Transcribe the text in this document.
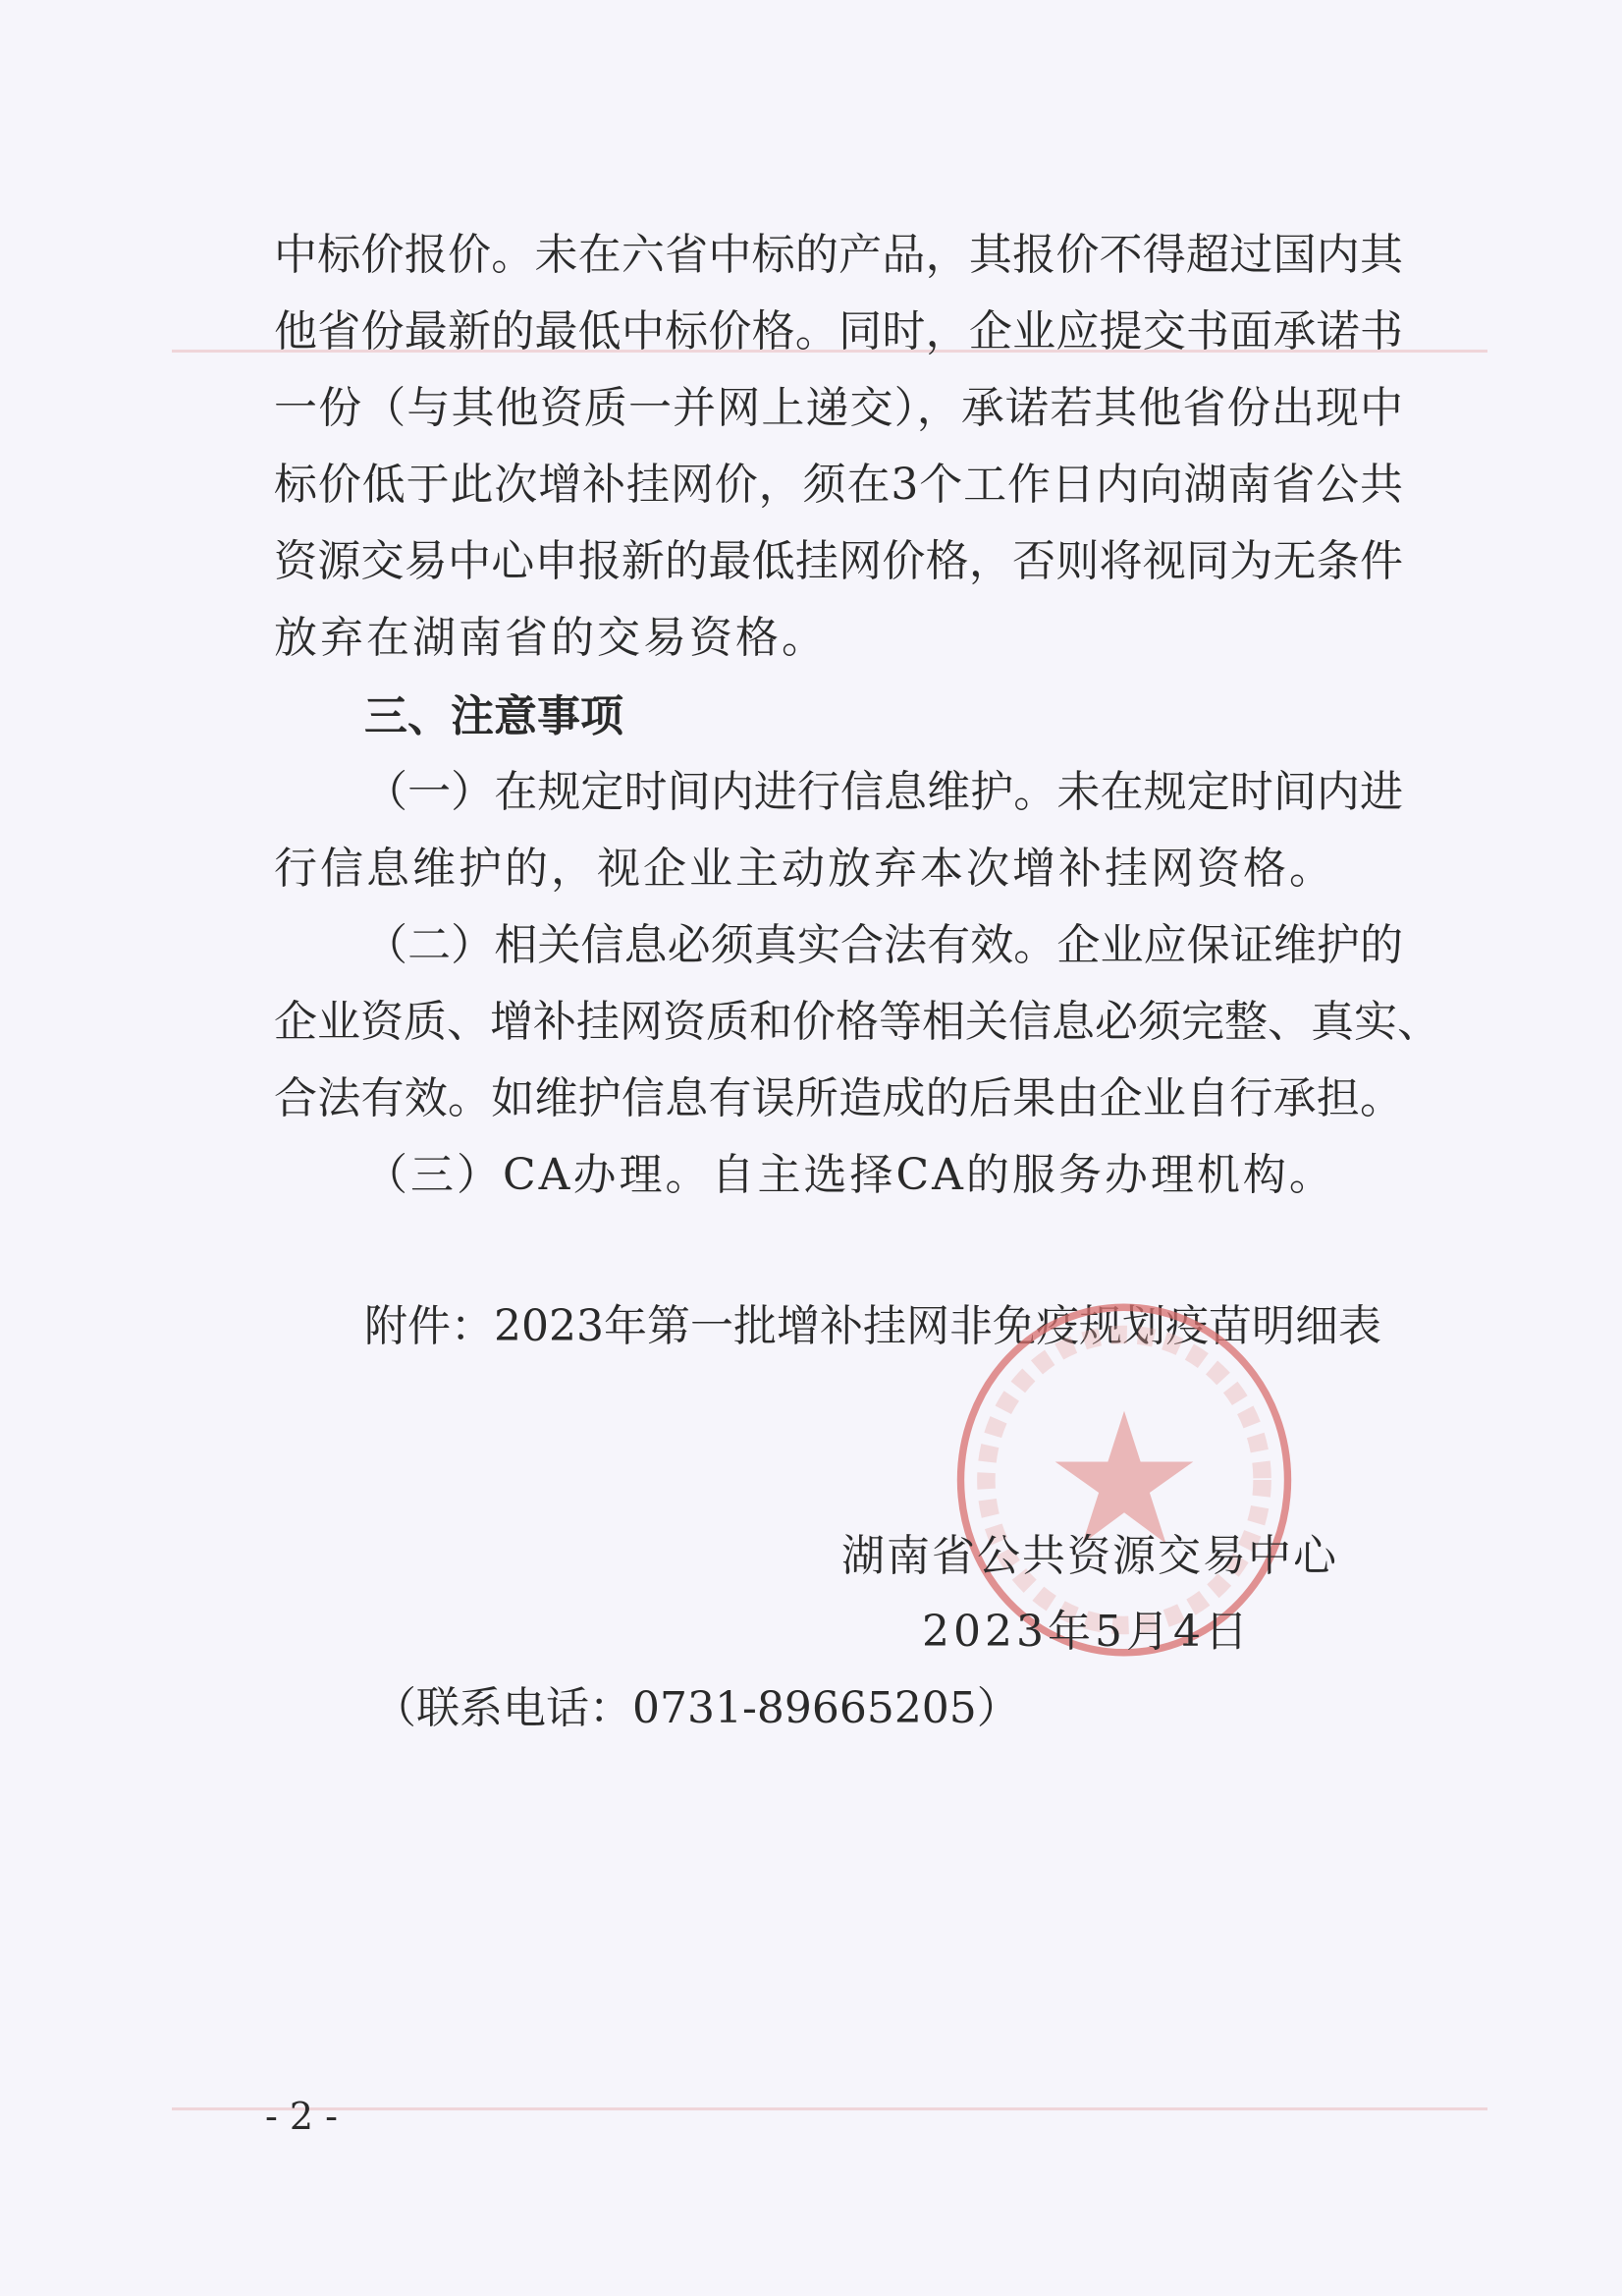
中标价报价。未在六省中标的产品，其报价不得超过国内其
他省份最新的最低中标价格。同时，企业应提交书面承诺书
一份（与其他资质一并网上递交），承诺若其他省份出现中
标价低于此次增补挂网价，须在3个工作日内向湖南省公共
资源交易中心申报新的最低挂网价格，否则将视同为无条件
放弃在湖南省的交易资格。
三、注意事项
（一）在规定时间内进行信息维护。未在规定时间内进
行信息维护的，视企业主动放弃本次增补挂网资格。
（二）相关信息必须真实合法有效。企业应保证维护的
企业资质、增补挂网资质和价格等相关信息必须完整、真实、
合法有效。如维护信息有误所造成的后果由企业自行承担。
（三）CA办理。自主选择CA的服务办理机构。
附件：2023年第一批增补挂网非免疫规划疫苗明细表
湖南省公共资源交易中心
2023年5月4日
（联系电话：0731-89665205）
- 2 -
